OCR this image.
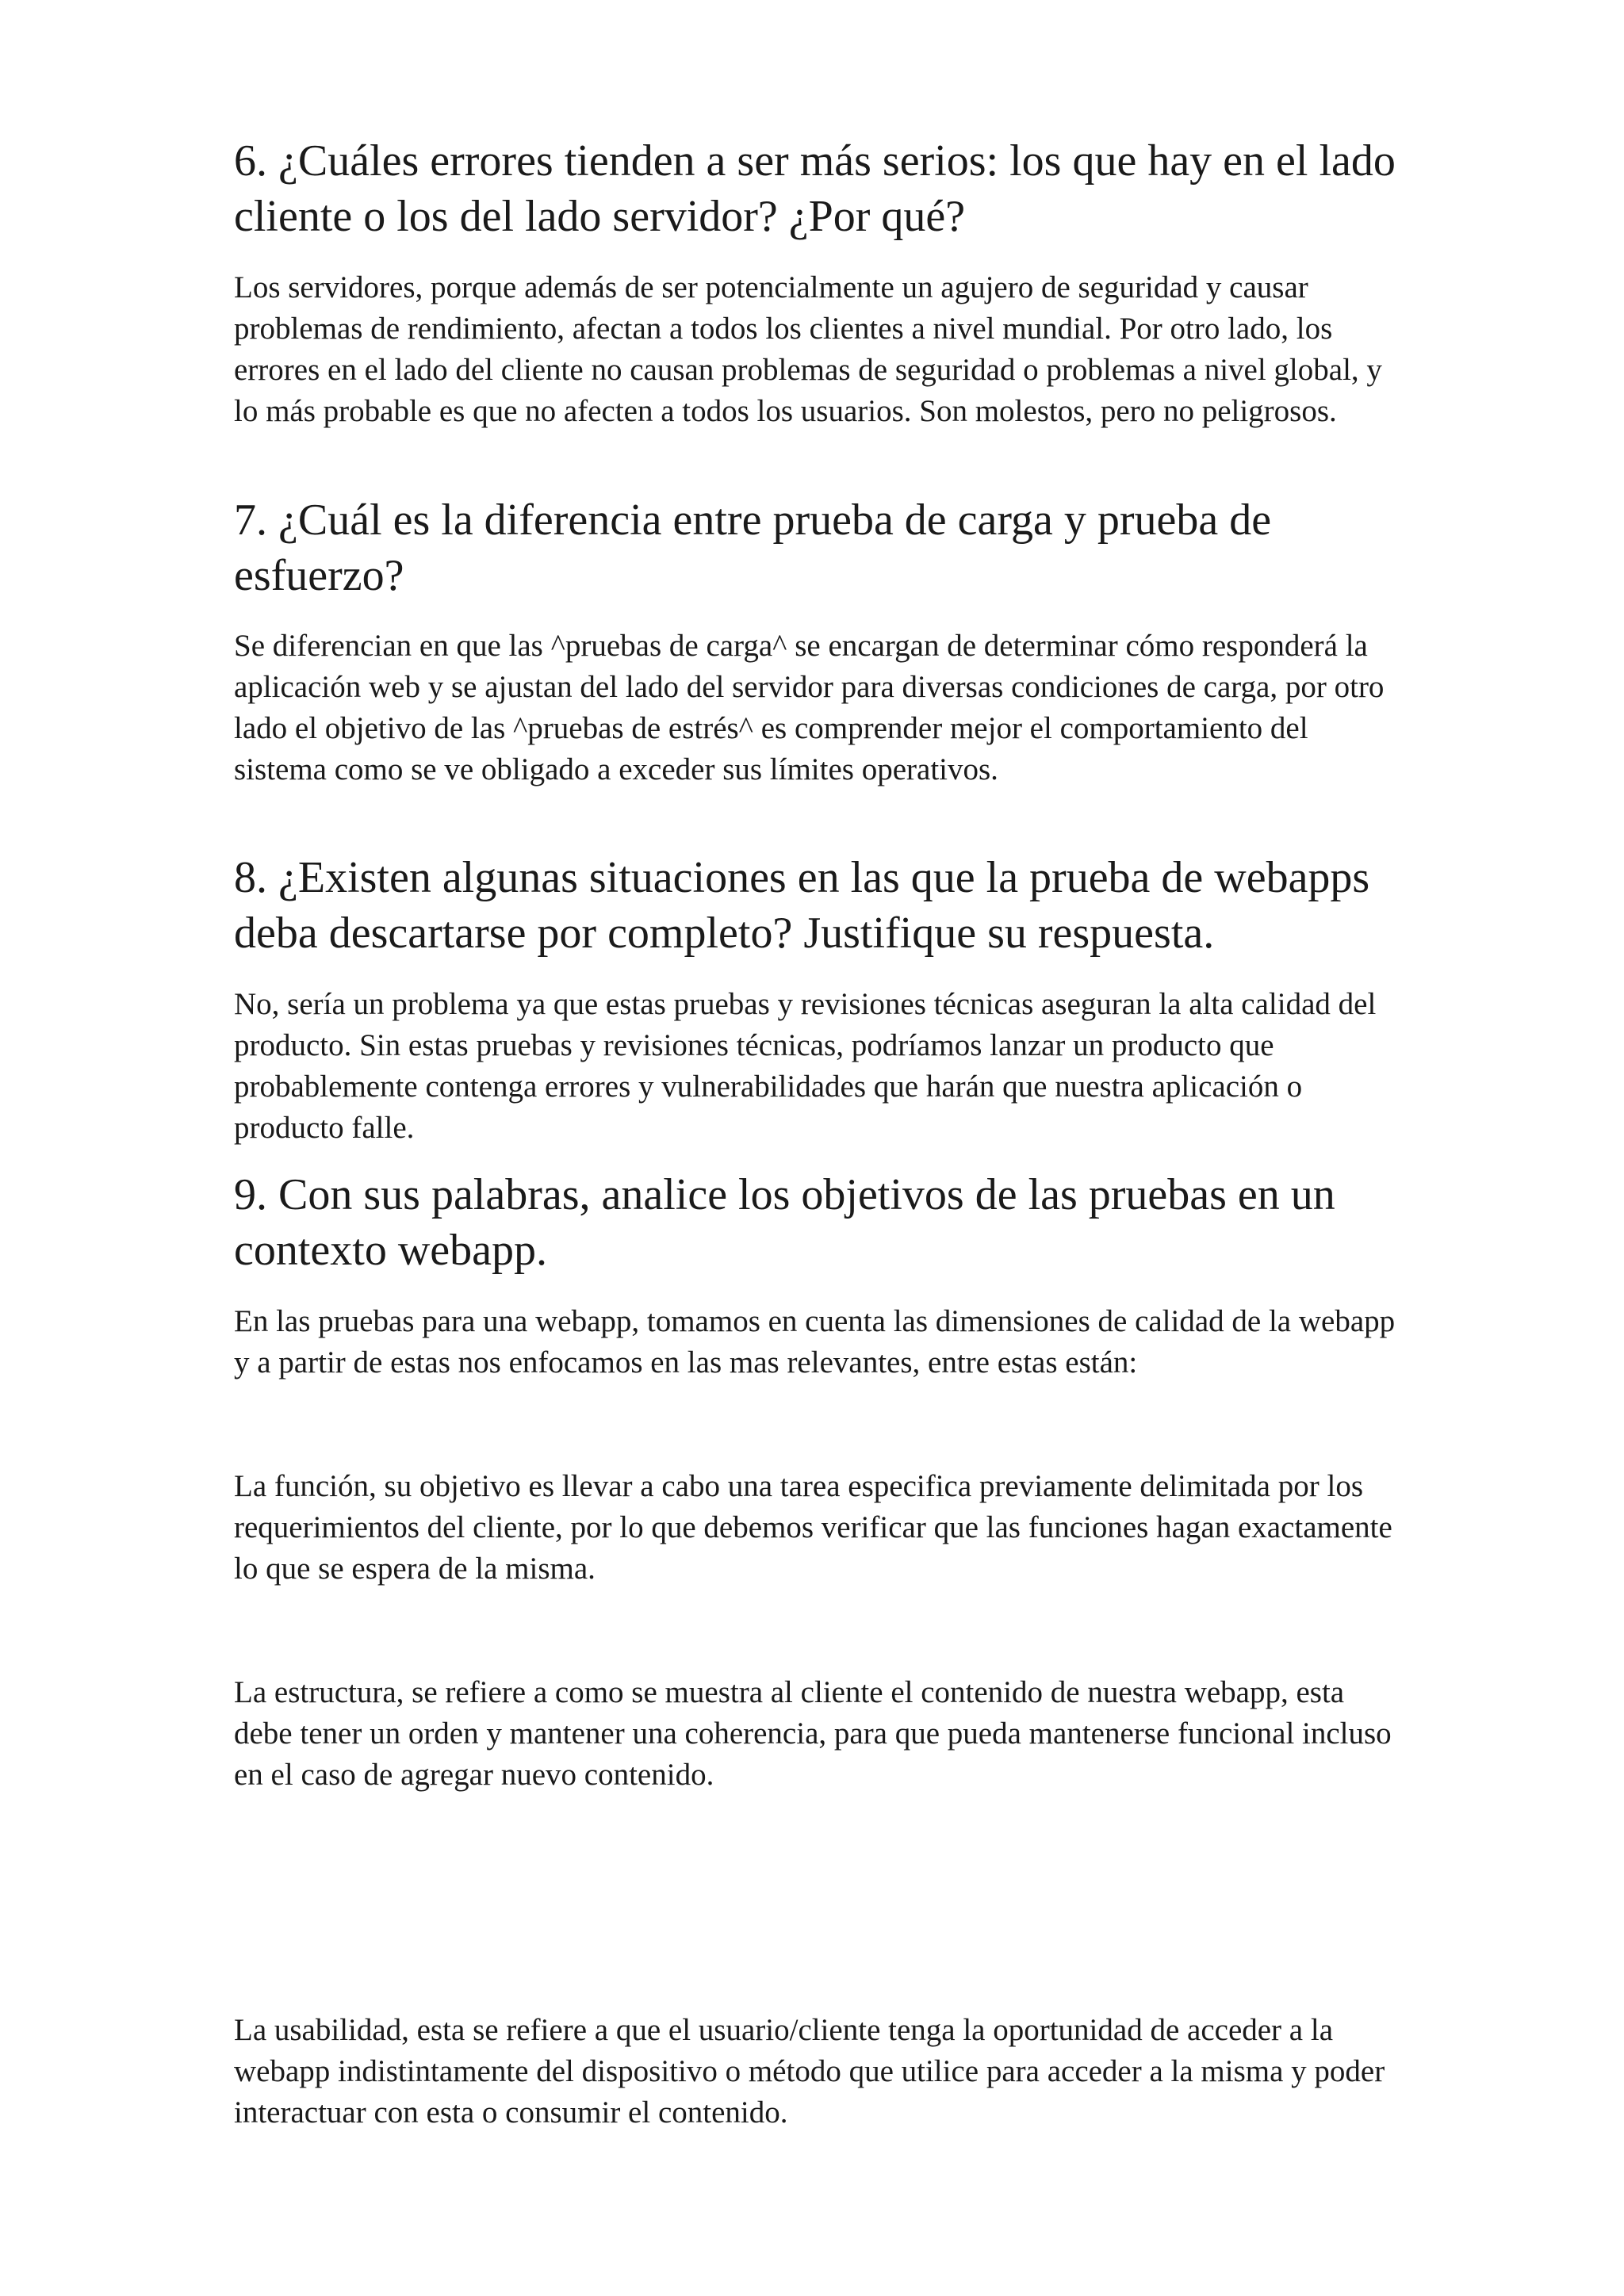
6. ¿Cuáles errores tienden a ser más serios: los que hay en el lado cliente o los del lado servidor? ¿Por qué?

Los servidores, porque además de ser potencialmente un agujero de seguridad y causar problemas de rendimiento, afectan a todos los clientes a nivel mundial. Por otro lado, los errores en el lado del cliente no causan problemas de seguridad o problemas a nivel global, y lo más probable es que no afecten a todos los usuarios. Son molestos, pero no peligrosos.

7. ¿Cuál es la diferencia entre prueba de carga y prueba de esfuerzo?

Se diferencian en que las ^pruebas de carga^ se encargan de determinar cómo responderá la aplicación web y se ajustan del lado del servidor para diversas condiciones de carga, por otro lado el objetivo de las ^pruebas de estrés^ es comprender mejor el comportamiento del sistema como se ve obligado a exceder sus límites operativos.

8. ¿Existen algunas situaciones en las que la prueba de webapps deba descartarse por completo? Justifique su respuesta.

No, sería un problema ya que estas pruebas y revisiones técnicas aseguran la alta calidad del producto. Sin estas pruebas y revisiones técnicas, podríamos lanzar un producto que probablemente contenga errores y vulnerabilidades que harán que nuestra aplicación o producto falle.

9. Con sus palabras, analice los objetivos de las pruebas en un contexto webapp.

En las pruebas para una webapp, tomamos en cuenta las dimensiones de calidad de la webapp y a partir de estas nos enfocamos en las mas relevantes, entre estas están:

La función, su objetivo es llevar a cabo una tarea especifica previamente delimitada por los requerimientos del cliente, por lo que debemos verificar que las funciones hagan exactamente lo que se espera de la misma.

La estructura, se refiere a como se muestra al cliente el contenido de nuestra webapp, esta debe tener un orden y mantener una coherencia, para que pueda mantenerse funcional incluso en el caso de agregar nuevo contenido.

La usabilidad, esta se refiere a que el usuario/cliente tenga la oportunidad de acceder a la webapp indistintamente del dispositivo o método que utilice para acceder a la misma y poder interactuar con esta o consumir el contenido.
